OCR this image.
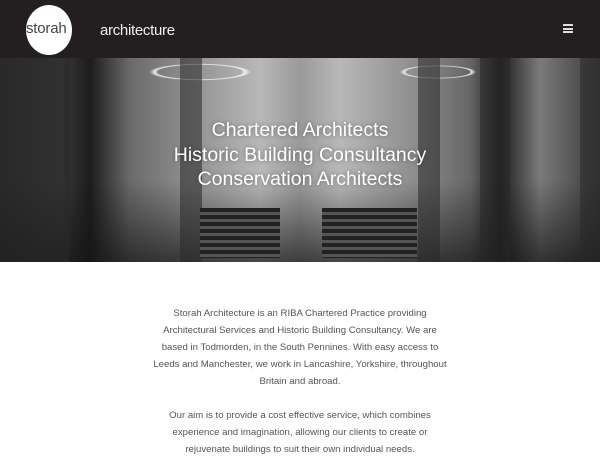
storah architecture
Chartered Architects
Historic Building Consultancy
Conservation Architects

Storah Architecture is an RIBA Chartered Practice providing Architectural Services and Historic Building Consultancy. We are based in Todmorden, in the South Pennines. With easy access to Leeds and Manchester, we work in Lancashire, Yorkshire, throughout Britain and abroad.

Our aim is to provide a cost effective service, which combines experience and imagination, allowing our clients to create or rejuvenate buildings to suit their own individual needs.
